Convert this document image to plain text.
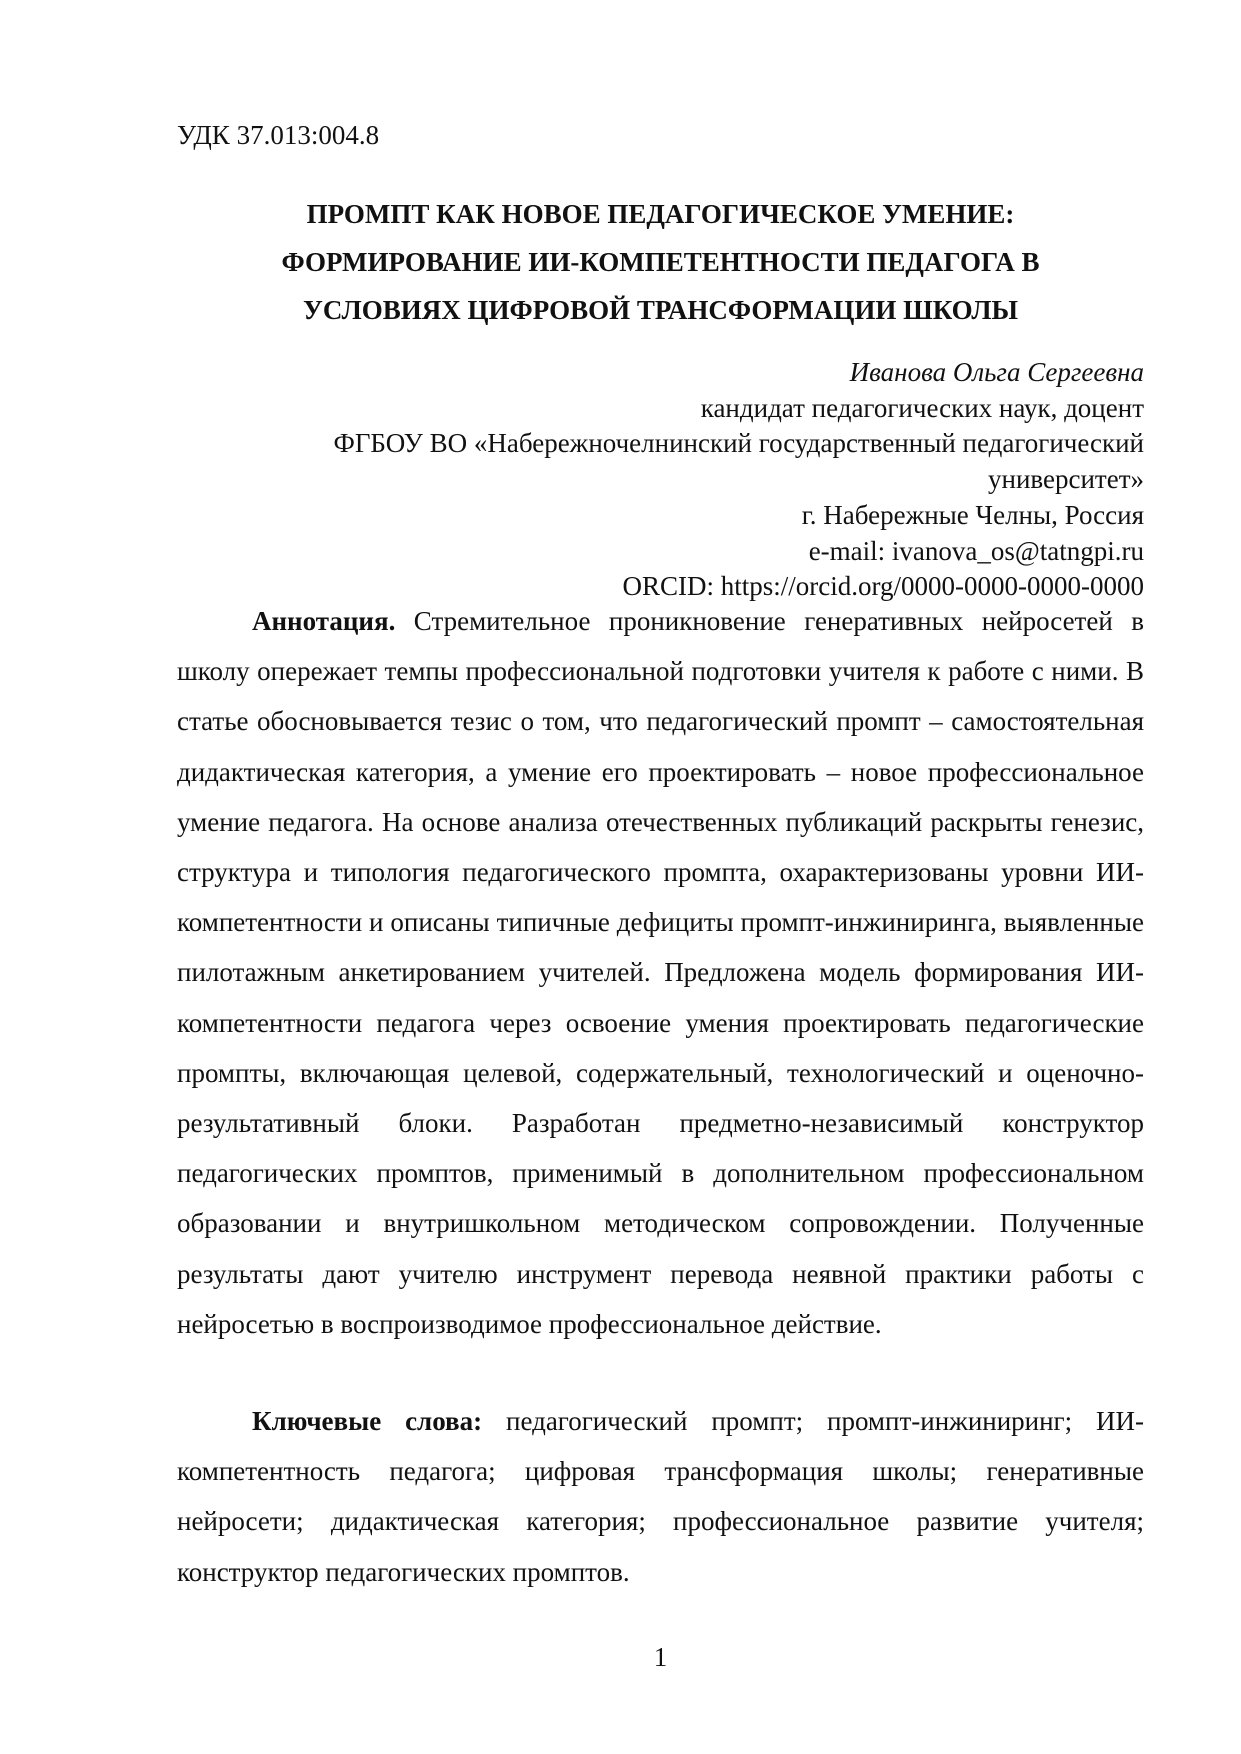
УДК 37.013:004.8
ПРОМПТ КАК НОВОЕ ПЕДАГОГИЧЕСКОЕ УМЕНИЕ:
ФОРМИРОВАНИЕ ИИ-КОМПЕТЕНТНОСТИ ПЕДАГОГА В
УСЛОВИЯХ ЦИФРОВОЙ ТРАНСФОРМАЦИИ ШКОЛЫ
Иванова Ольга Сергеевна
кандидат педагогических наук, доцент
ФГБОУ ВО «Набережночелнинский государственный педагогический
университет»
г. Набережные Челны, Россия
e-mail: ivanova_os@tatngpi.ru
ORCID: https://orcid.org/0000-0000-0000-0000

Аннотация. Стремительное проникновение генеративных нейросетей в школу опережает темпы профессиональной подготовки учителя к работе с ними. В статье обосновывается тезис о том, что педагогический промпт – самостоятельная дидактическая категория, а умение его проектировать – новое профессиональное умение педагога. На основе анализа отечественных публикаций раскрыты генезис, структура и типология педагогического промпта, охарактеризованы уровни ИИ-компетентности и описаны типичные дефициты промпт-инжиниринга, выявленные пилотажным анкетированием учителей. Предложена модель формирования ИИ-компетентности педагога через освоение умения проектировать педагогические промпты, включающая целевой, содержательный, технологический и оценочно-результативный блоки. Разработан предметно-независимый конструктор педагогических промптов, применимый в дополнительном профессиональном образовании и внутришкольном методическом сопровождении. Полученные результаты дают учителю инструмент перевода неявной практики работы с нейросетью в воспроизводимое профессиональное действие.

Ключевые слова: педагогический промпт; промпт-инжиниринг; ИИ-компетентность педагога; цифровая трансформация школы; генеративные нейросети; дидактическая категория; профессиональное развитие учителя; конструктор педагогических промптов.

1
